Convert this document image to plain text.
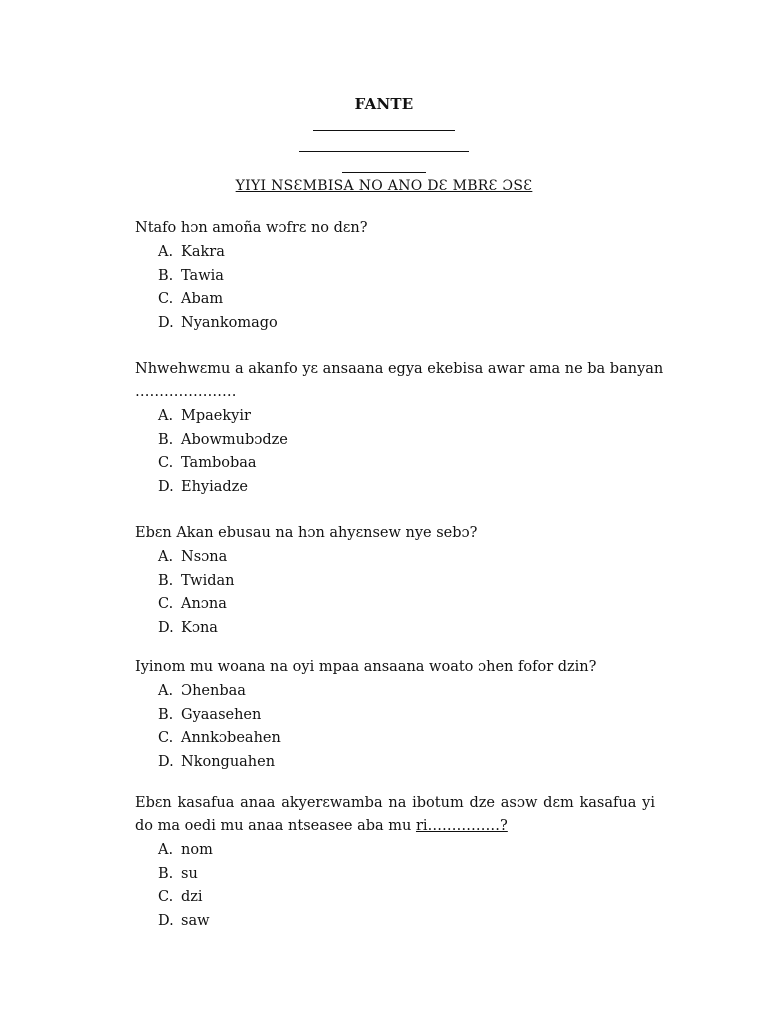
FANTE
YIYI NSƐMBISA NO ANO DƐ MBRƐ ƆSƐ

Ntafo hɔn amoña wɔfrɛ no dɛn?

A. Kakra
B. Tawia
C. Abam
D. Nyankomago

Nhwehwɛmu a akanfo yɛ ansaana egya ekebisa awar ama ne ba banyan

…………………

A. Mpaekyir
B. Abowmubɔdze
C. Tambobaa
D. Ehyiadze

Ebɛn Akan ebusau na hɔn ahyɛnsew nye sebɔ?

A. Nsɔna
B. Twidan
C. Anɔna
D. Kɔna

Iyinom mu woana na oyi mpaa ansaana woato ɔhen fofor dzin?

A. Ɔhenbaa
B. Gyaasehen
C. Annkɔbeahen
D. Nkonguahen

Ebɛn kasafua anaa akyerɛwamba na ibotum dze asɔw dɛm kasafua yi do ma oedi mu anaa ntseasee aba mu ri……………?

A. nom
B. su
C. dzi
D. saw
